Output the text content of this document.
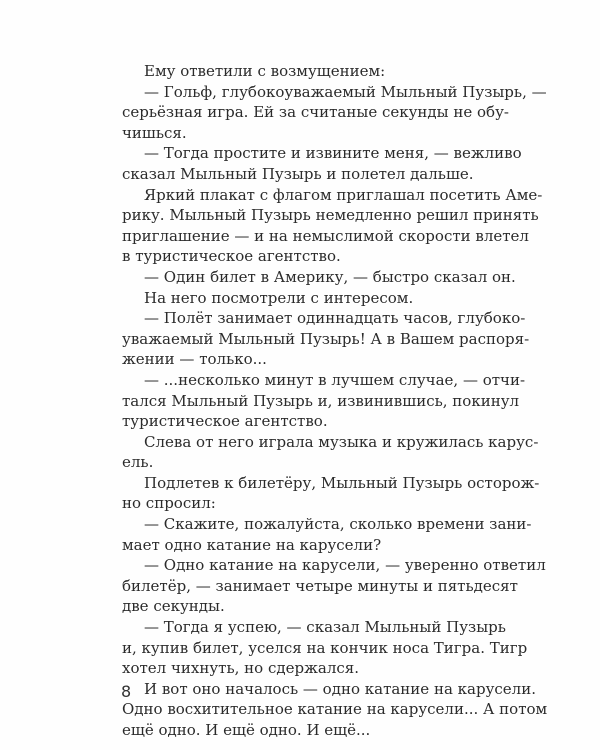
Ему ответили с возмущением:
— Гольф, глубокоуважаемый Мыльный Пузырь, —
серьёзная игра. Ей за считаные секунды не обу-
чишься.
— Тогда простите и извините меня, — вежливо
сказал Мыльный Пузырь и полетел дальше.
Яркий плакат с флагом приглашал посетить Аме-
рику. Мыльный Пузырь немедленно решил принять
приглашение — и на немыслимой скорости влетел
в туристическое агентство.
— Один билет в Америку, — быстро сказал он.
На него посмотрели с интересом.
— Полёт занимает одиннадцать часов, глубоко-
уважаемый Мыльный Пузырь! А в Вашем распоря-
жении — только...
— ...несколько минут в лучшем случае, — отчи-
тался Мыльный Пузырь и, извинившись, покинул
туристическое агентство.
Слева от него играла музыка и кружилась карус-
ель.
Подлетев к билетёру, Мыльный Пузырь осторож-
но спросил:
— Скажите, пожалуйста, сколько времени зани-
мает одно катание на карусели?
— Одно катание на карусели, — уверенно ответил
билетёр, — занимает четыре минуты и пятьдесят
две секунды.
— Тогда я успею, — сказал Мыльный Пузырь
и, купив билет, уселся на кончик носа Тигра. Тигр
хотел чихнуть, но сдержался.
И вот оно началось — одно катание на карусели.
Одно восхитительное катание на карусели... А потом
ещё одно. И ещё одно. И ещё...
8
